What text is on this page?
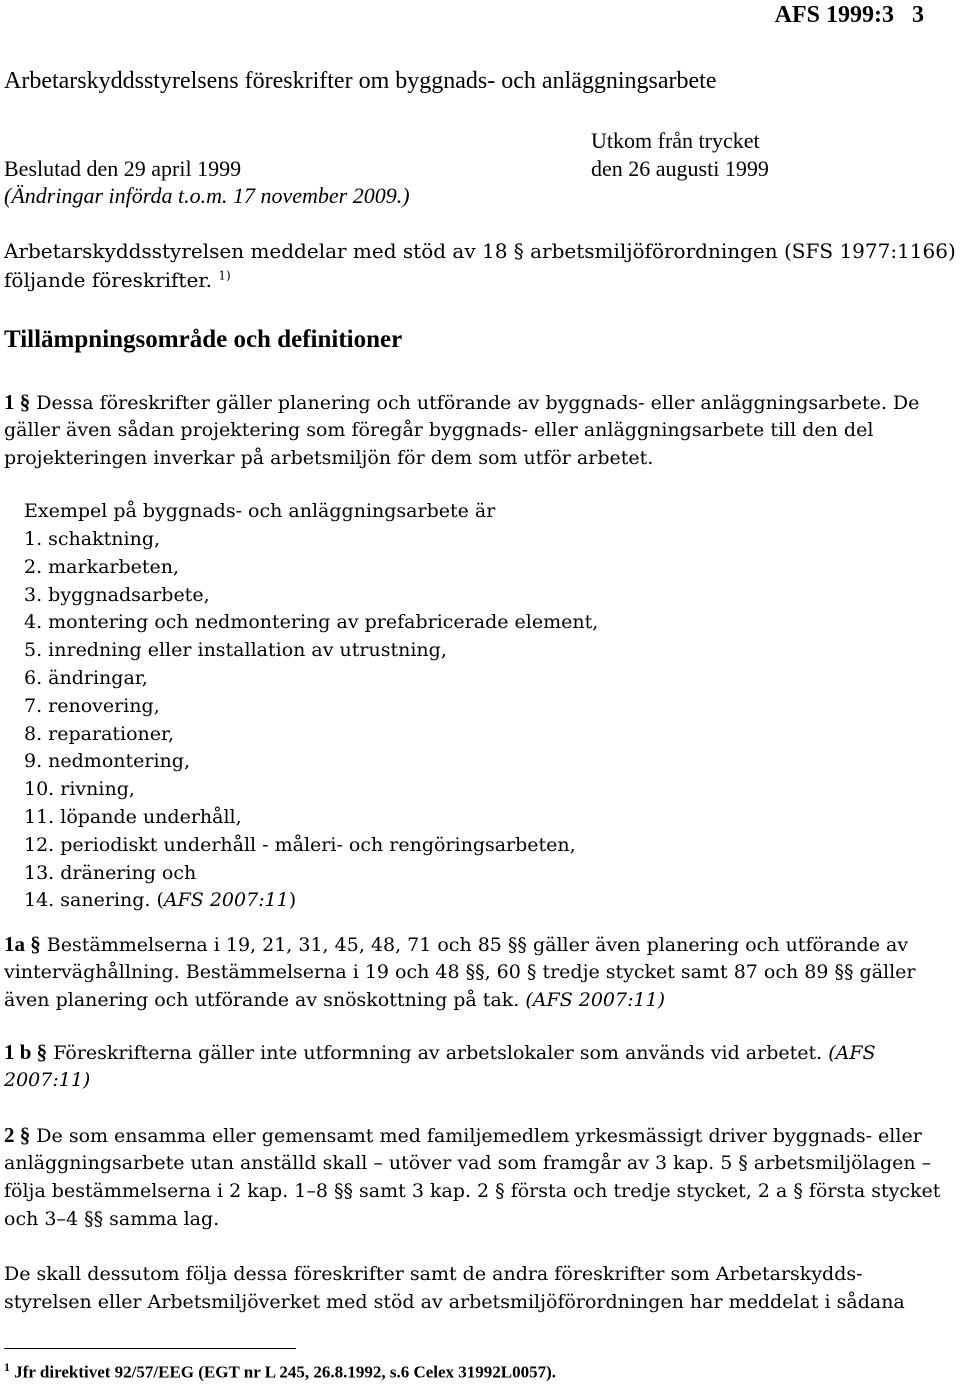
AFS 1999:3 3
Arbetarskyddsstyrelsens föreskrifter om byggnads- och anläggningsarbete
Utkom från trycket
Beslutad den 29 april 1999	den 26 augusti 1999
(Ändringar införda t.o.m. 17 november 2009.)
Arbetarskyddsstyrelsen meddelar med stöd av 18 § arbetsmiljöförordningen (SFS 1977:1166)
följande föreskrifter. $^{1)}$
Tillämpningsområde och definitioner
1 § Dessa föreskrifter gäller planering och utförande av byggnads- eller anläggningsarbete. De
gäller även sådan projektering som föregår byggnads- eller anläggningsarbete till den del
projekteringen inverkar på arbetsmiljön för dem som utför arbetet.
Exempel på byggnads- och anläggningsarbete är
1. schaktning,
2. markarbeten,
3. byggnadsarbete,
4. montering och nedmontering av prefabricerade element,
5. inredning eller installation av utrustning,
6. ändringar,
7. renovering,
8. reparationer,
9. nedmontering,
10. rivning,
11. löpande underhåll,
12. periodiskt underhåll - måleri- och rengöringsarbeten,
13. dränering och
14. sanering. (AFS 2007:11)
1a § Bestämmelserna i 19, 21, 31, 45, 48, 71 och 85 §§ gäller även planering och utförande av
vinterväghållning. Bestämmelserna i 19 och 48 §§, 60 § tredje stycket samt 87 och 89 §§ gäller
även planering och utförande av snöskottning på tak. (AFS 2007:11)
1 b § Föreskrifterna gäller inte utformning av arbetslokaler som används vid arbetet. (AFS
2007:11)
2 § De som ensamma eller gemensamt med familjemedlem yrkesmässigt driver byggnads- eller
anläggningsarbete utan anställd skall – utöver vad som framgår av 3 kap. 5 § arbetsmiljölagen –
följa bestämmelserna i 2 kap. 1–8 §§ samt 3 kap. 2 § första och tredje stycket, 2 a § första stycket
och 3–4 §§ samma lag.
De skall dessutom följa dessa föreskrifter samt de andra föreskrifter som Arbetarskydds-
styrelsen eller Arbetsmiljöverket med stöd av arbetsmiljöförordningen har meddelat i sådana
$^1$ Jfr direktivet 92/57/EEG (EGT nr L 245, 26.8.1992, s.6 Celex 31992L0057).
